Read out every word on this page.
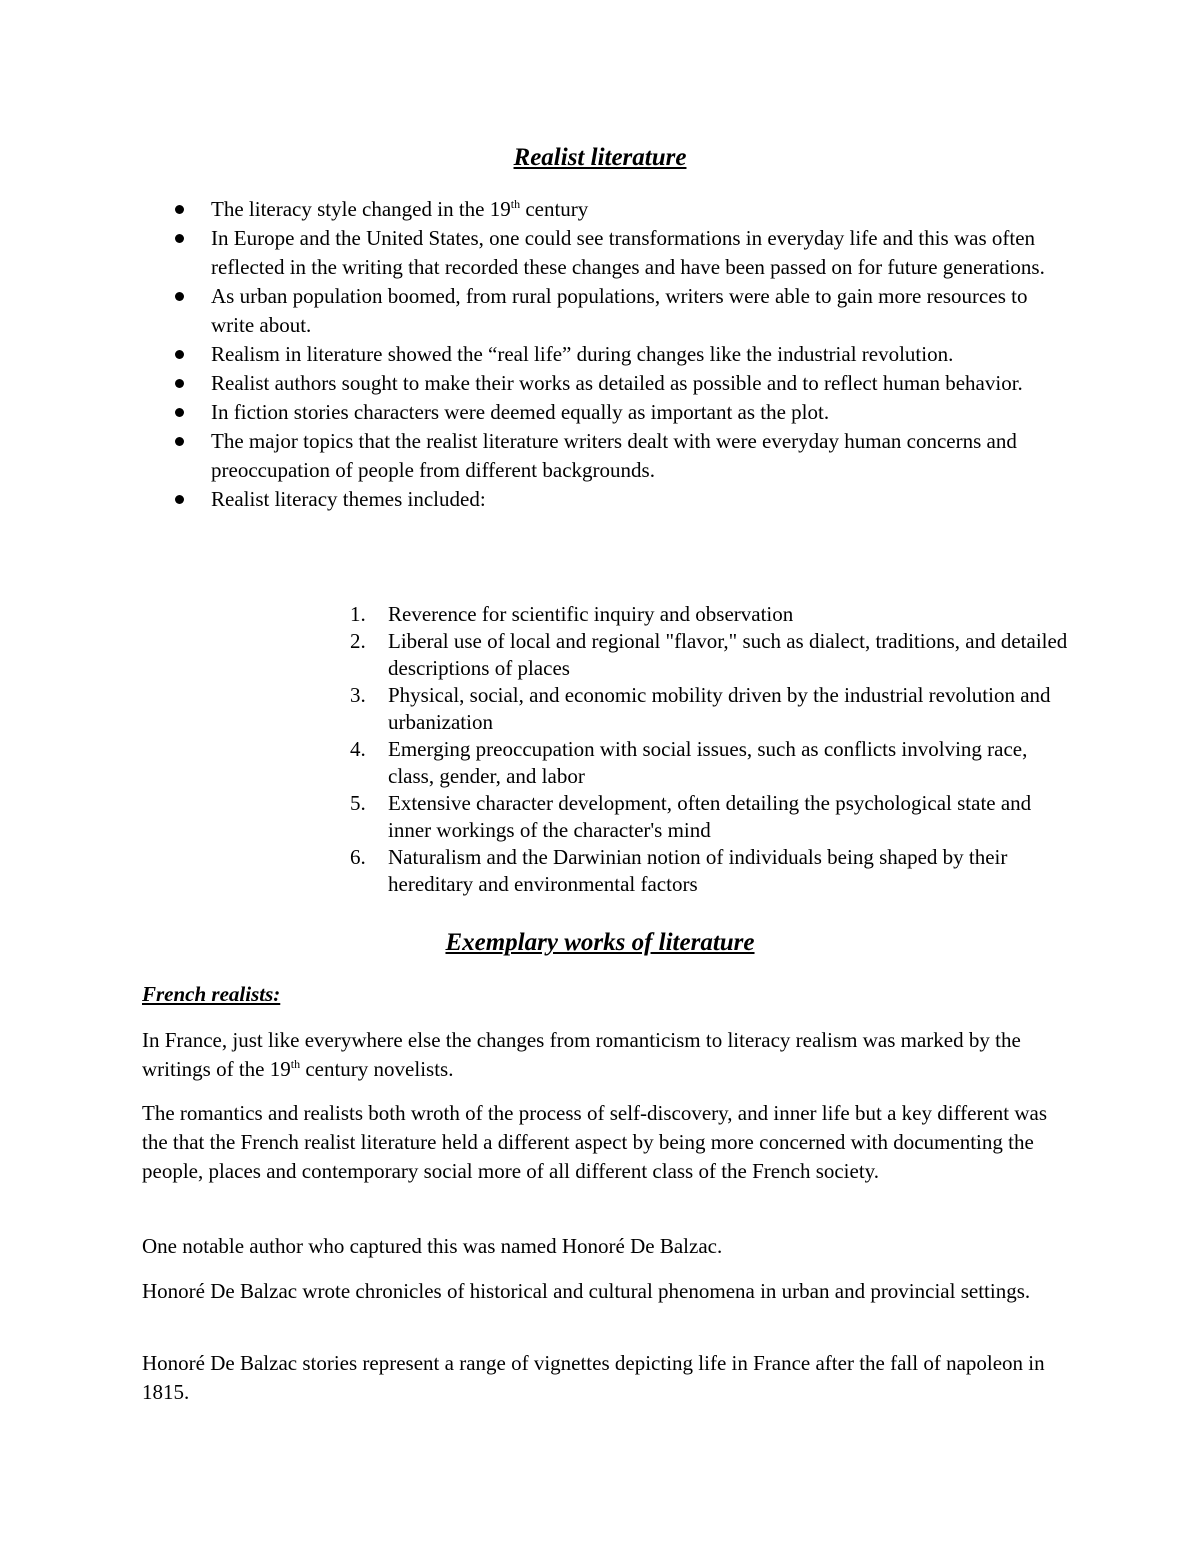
Realist literature
The literacy style changed in the 19th century
In Europe and the United States, one could see transformations in everyday life and this was often reflected in the writing that recorded these changes and have been passed on for future generations.
As urban population boomed, from rural populations, writers were able to gain more resources to write about.
Realism in literature showed the “real life” during changes like the industrial revolution.
Realist authors sought to make their works as detailed as possible and to reflect human behavior.
In fiction stories characters were deemed equally as important as the plot.
The major topics that the realist literature writers dealt with were everyday human concerns and preoccupation of people from different backgrounds.
Realist literacy themes included:
1. Reverence for scientific inquiry and observation
2. Liberal use of local and regional "flavor," such as dialect, traditions, and detailed descriptions of places
3. Physical, social, and economic mobility driven by the industrial revolution and urbanization
4. Emerging preoccupation with social issues, such as conflicts involving race, class, gender, and labor
5. Extensive character development, often detailing the psychological state and inner workings of the character's mind
6. Naturalism and the Darwinian notion of individuals being shaped by their hereditary and environmental factors
Exemplary works of literature
French realists:

In France, just like everywhere else the changes from romanticism to literacy realism was marked by the writings of the 19th century novelists.

The romantics and realists both wroth of the process of self-discovery, and inner life but a key different was the that the French realist literature held a different aspect by being more concerned with documenting the people, places and contemporary social more of all different class of the French society.

One notable author who captured this was named Honoré De Balzac.

Honoré De Balzac wrote chronicles of historical and cultural phenomena in urban and provincial settings.

Honoré De Balzac stories represent a range of vignettes depicting life in France after the fall of napoleon in 1815.
